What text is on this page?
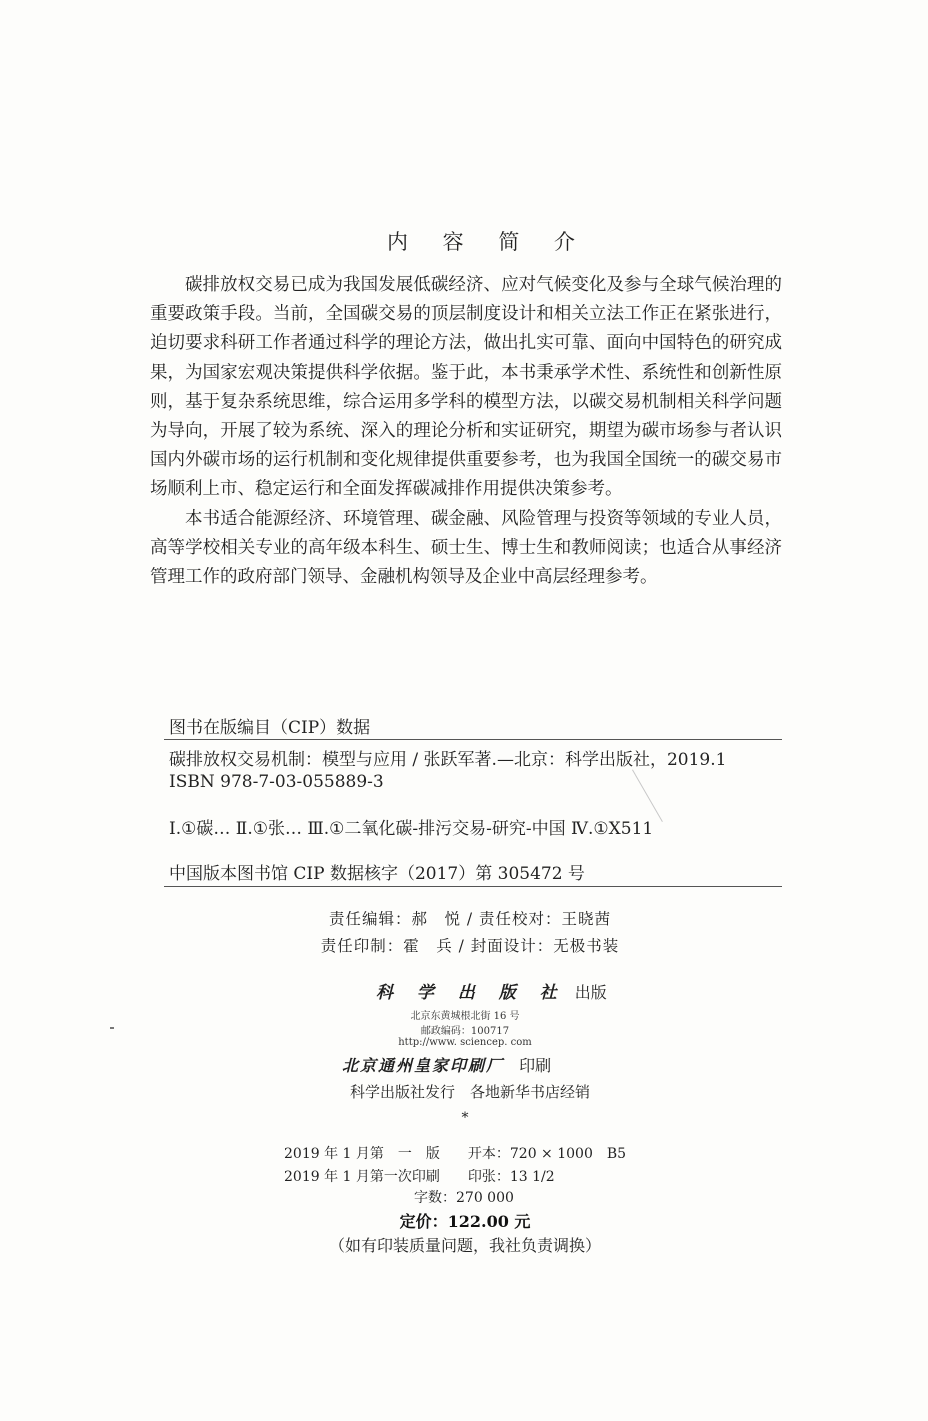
内 容 简 介

碳排放权交易已成为我国发展低碳经济、应对气候变化及参与全球气候治理的重要政策手段。当前，全国碳交易的顶层制度设计和相关立法工作正在紧张进行，迫切要求科研工作者通过科学的理论方法，做出扎实可靠、面向中国特色的研究成果，为国家宏观决策提供科学依据。鉴于此，本书秉承学术性、系统性和创新性原则，基于复杂系统思维，综合运用多学科的模型方法，以碳交易机制相关科学问题为导向，开展了较为系统、深入的理论分析和实证研究，期望为碳市场参与者认识国内外碳市场的运行机制和变化规律提供重要参考，也为我国全国统一的碳交易市场顺利上市、稳定运行和全面发挥碳减排作用提供决策参考。

本书适合能源经济、环境管理、碳金融、风险管理与投资等领域的专业人员，高等学校相关专业的高年级本科生、硕士生、博士生和教师阅读；也适合从事经济管理工作的政府部门领导、金融机构领导及企业中高层经理参考。

图书在版编目（CIP）数据
碳排放权交易机制：模型与应用 / 张跃军著.—北京：科学出版社，2019.1
ISBN 978-7-03-055889-3
Ⅰ.①碳… Ⅱ.①张… Ⅲ.①二氧化碳-排污交易-研究-中国 Ⅳ.①X511
中国版本图书馆 CIP 数据核字（2017）第 305472 号
责任编辑：郝　悦 / 责任校对：王晓茜
责任印制：霍　兵 / 封面设计：无极书装
科 学 出 版 社 出版
北京东黄城根北街 16 号
邮政编码：100717
http://www. sciencep. com
北京通州皇家印刷厂 印刷
科学出版社发行　各地新华书店经销
*
2019 年 1 月第　一　版　　开本：720 × 1000　B5
2019 年 1 月第一次印刷　　印张：13 1/2
字数：270 000
定价：122.00 元
（如有印装质量问题，我社负责调换）
